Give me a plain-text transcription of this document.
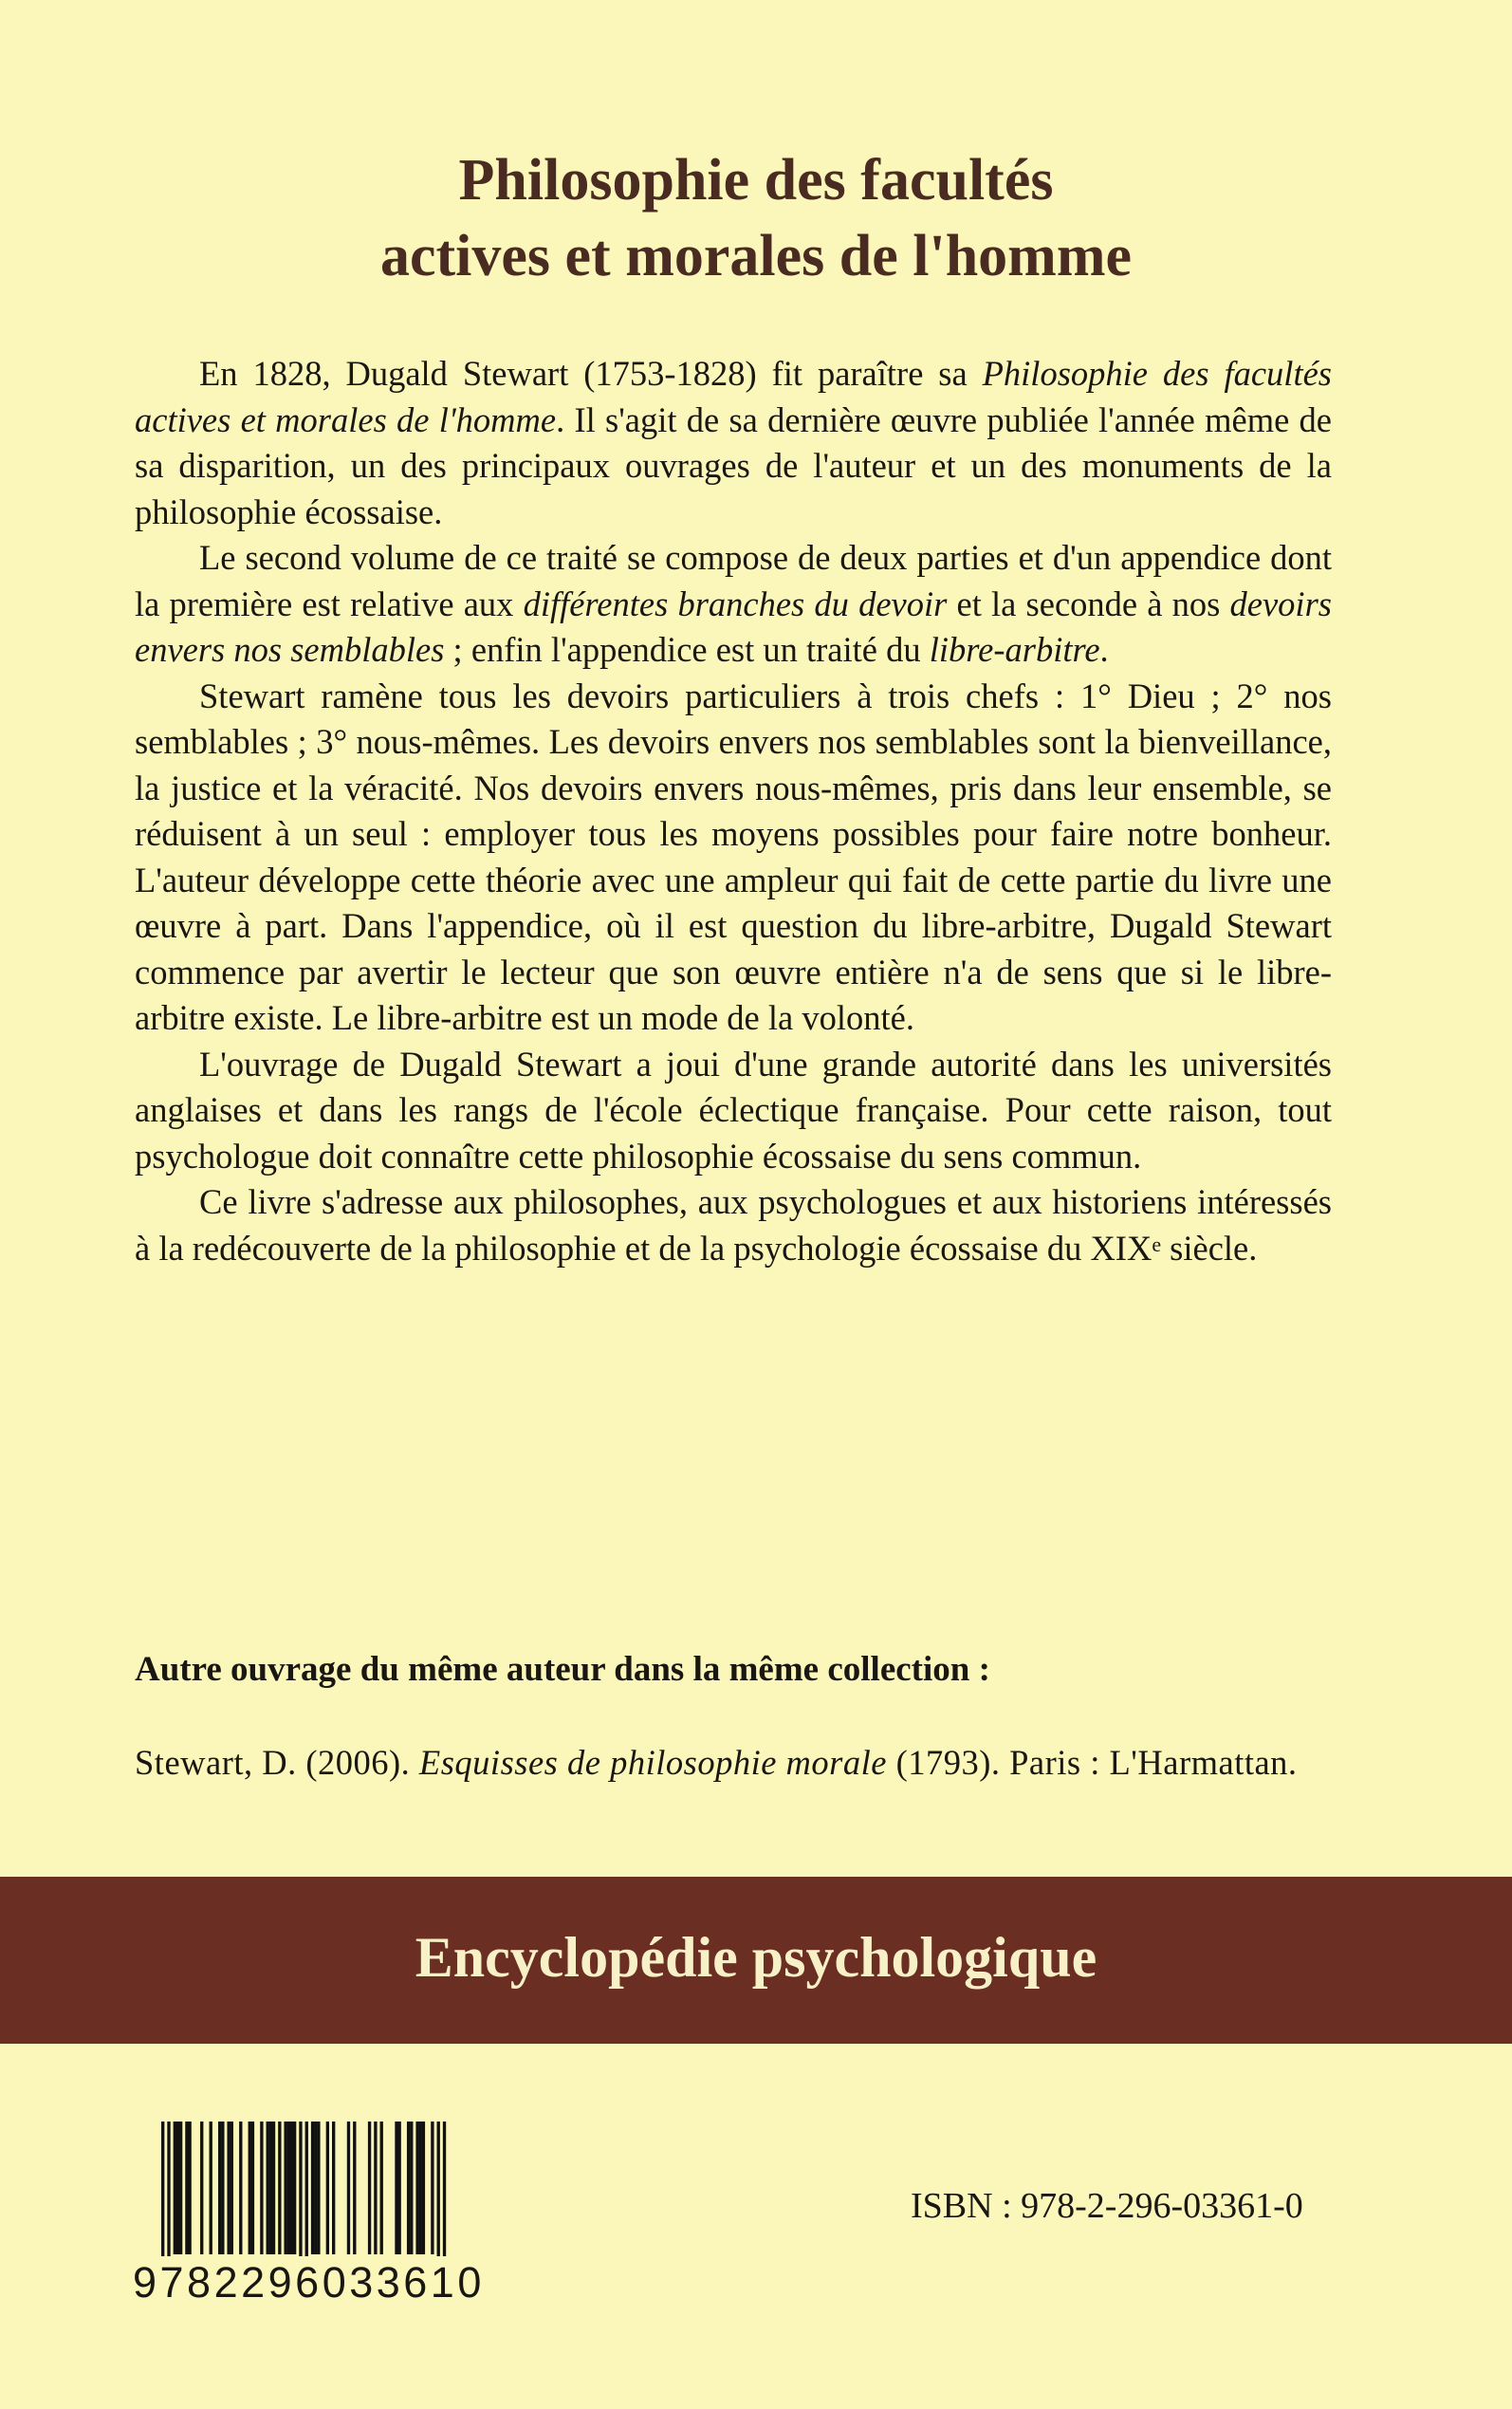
Philosophie des facultés
actives et morales de l'homme

En 1828, Dugald Stewart (1753-1828) fit paraître sa Philosophie des facultés actives et morales de l'homme. Il s'agit de sa dernière œuvre publiée l'année même de sa disparition, un des principaux ouvrages de l'auteur et un des monuments de la philosophie écossaise.

Le second volume de ce traité se compose de deux parties et d'un appendice dont la première est relative aux différentes branches du devoir et la seconde à nos devoirs envers nos semblables ; enfin l'appendice est un traité du libre-arbitre.

Stewart ramène tous les devoirs particuliers à trois chefs : 1° Dieu ; 2° nos semblables ; 3° nous-mêmes. Les devoirs envers nos semblables sont la bienveillance, la justice et la véracité. Nos devoirs envers nous-mêmes, pris dans leur ensemble, se réduisent à un seul : employer tous les moyens possibles pour faire notre bonheur. L'auteur développe cette théorie avec une ampleur qui fait de cette partie du livre une œuvre à part. Dans l'appendice, où il est question du libre-arbitre, Dugald Stewart commence par avertir le lecteur que son œuvre entière n'a de sens que si le libre-arbitre existe. Le libre-arbitre est un mode de la volonté.

L'ouvrage de Dugald Stewart a joui d'une grande autorité dans les universités anglaises et dans les rangs de l'école éclectique française. Pour cette raison, tout psychologue doit connaître cette philosophie écossaise du sens commun.

Ce livre s'adresse aux philosophes, aux psychologues et aux historiens intéressés à la redécouverte de la philosophie et de la psychologie écossaise du XIXe siècle.

Autre ouvrage du même auteur dans la même collection :

Stewart, D. (2006). Esquisses de philosophie morale (1793). Paris : L'Harmattan.

Encyclopédie psychologique
9782296033610
ISBN : 978-2-296-03361-0
